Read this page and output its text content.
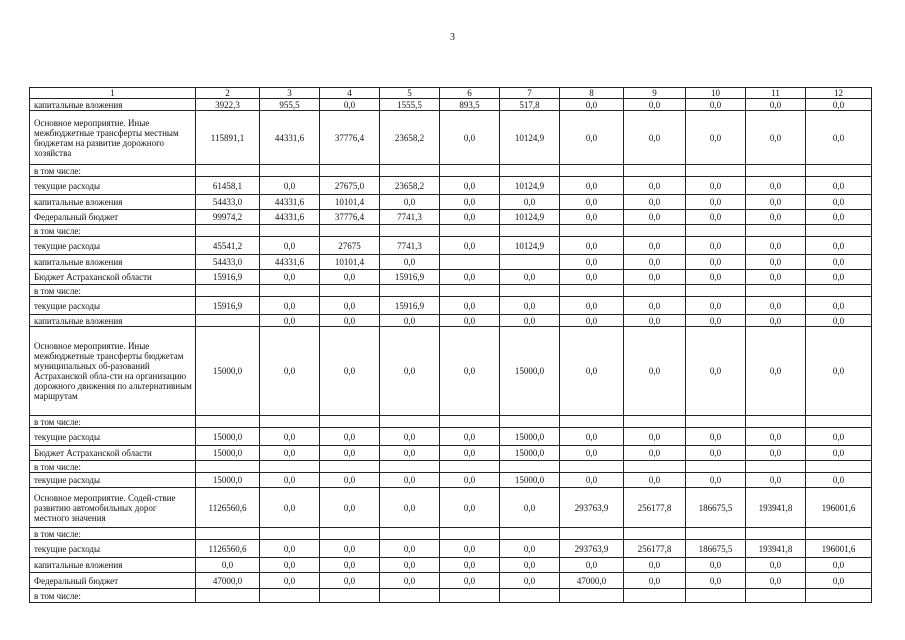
3
1	2	3	4	5	6	7	8	9	10	11	12
капитальные вложения	3922,3	955,5	0,0	1555,5	893,5	517,8	0,0	0,0	0,0	0,0	0,0
Основное мероприятие. Иные межбюджетные трансферты местным бюджетам на развитие дорожного хозяйства	115891,1	44331,6	37776,4	23658,2	0,0	10124,9	0,0	0,0	0,0	0,0	0,0
в том числе:											
текущие расходы	61458,1	0,0	27675,0	23658,2	0,0	10124,9	0,0	0,0	0,0	0,0	0,0
капитальные вложения	54433,0	44331,6	10101,4	0,0	0,0	0,0	0,0	0,0	0,0	0,0	0,0
Федеральный бюджет	99974,2	44331,6	37776,4	7741,3	0,0	10124,9	0,0	0,0	0,0	0,0	0,0
в том числе:											
текущие расходы	45541,2	0,0	27675	7741,3	0,0	10124,9	0,0	0,0	0,0	0,0	0,0
капитальные вложения	54433,0	44331,6	10101,4	0,0			0,0	0,0	0,0	0,0	0,0
Бюджет Астраханской области	15916,9	0,0	0,0	15916,9	0,0	0,0	0,0	0,0	0,0	0,0	0,0
в том числе:											
текущие расходы	15916,9	0,0	0,0	15916,9	0,0	0,0	0,0	0,0	0,0	0,0	0,0
капитальные вложения		0,0	0,0	0,0	0,0	0,0	0,0	0,0	0,0	0,0	0,0
Основное мероприятие. Иные межбюджетные трансферты бюджетам муниципальных об-разований Астраханской обла-сти на организацию дорожного движения по альтернативным маршрутам	15000,0	0,0	0,0	0,0	0,0	15000,0	0,0	0,0	0,0	0,0	0,0
в том числе:											
текущие расходы	15000,0	0,0	0,0	0,0	0,0	15000,0	0,0	0,0	0,0	0,0	0,0
Бюджет Астраханской области	15000,0	0,0	0,0	0,0	0,0	15000,0	0,0	0,0	0,0	0,0	0,0
в том числе:											
текущие расходы	15000,0	0,0	0,0	0,0	0,0	15000,0	0,0	0,0	0,0	0,0	0,0
Основное мероприятие. Содей-ствие развитию автомобильных дорог местного значения	1126560,6	0,0	0,0	0,0	0,0	0,0	293763,9	256177,8	186675,5	193941,8	196001,6
в том числе:											
текущие расходы	1126560,6	0,0	0,0	0,0	0,0	0,0	293763,9	256177,8	186675,5	193941,8	196001,6
капитальные вложения	0,0	0,0	0,0	0,0	0,0	0,0	0,0	0,0	0,0	0,0	0,0
Федеральный бюджет	47000,0	0,0	0,0	0,0	0,0	0,0	47000,0	0,0	0,0	0,0	0,0
в том числе:											
